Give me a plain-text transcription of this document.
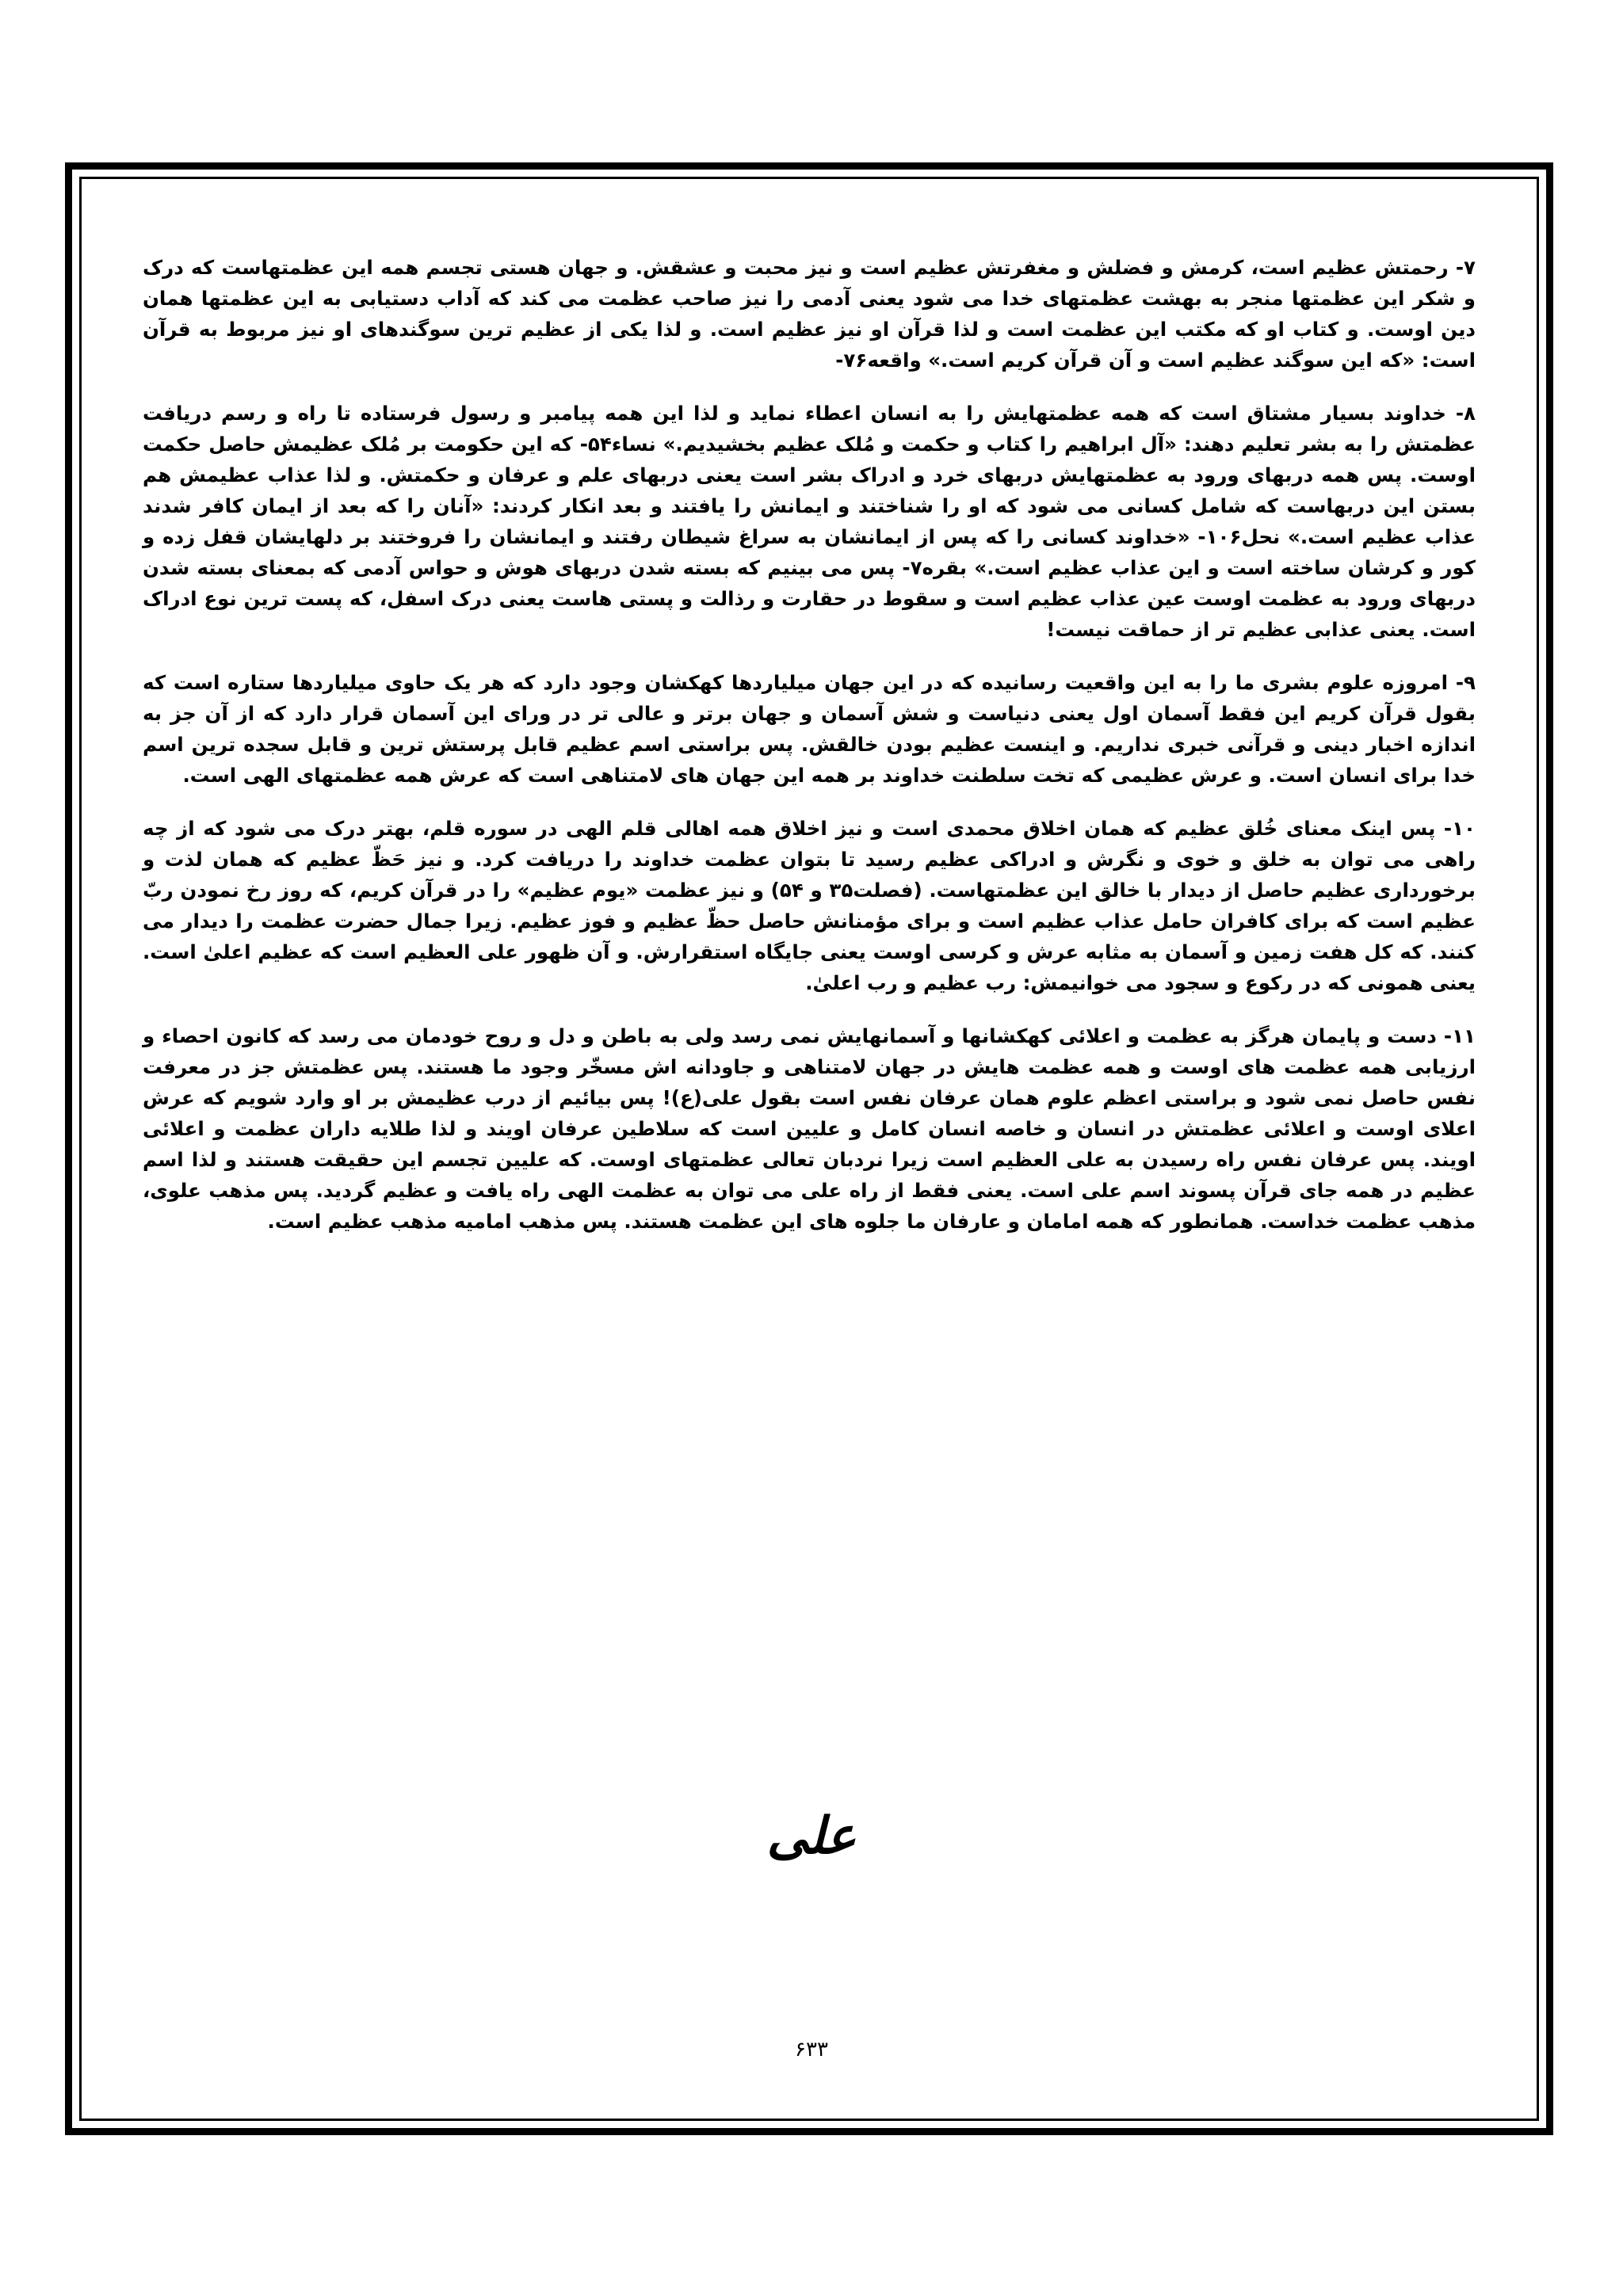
۷- رحمتش عظیم است، کرمش و فضلش و مغفرتش عظیم است و نیز محبت و عشقش. و جهان هستی تجسم همه این عظمتهاست که درک و شکر این عظمتها منجر به بهشت عظمتهای خدا می شود یعنی آدمی را نیز صاحب عظمت می کند که آداب دستیابی به این عظمتها همان دین اوست. و کتاب او که مکتب این عظمت است و لذا قرآن او نیز عظیم است. و لذا یکی از عظیم ترین سوگندهای او نیز مربوط به قرآن است: «که این سوگند عظیم است و آن قرآن کریم است.» واقعه۷۶-

۸- خداوند بسیار مشتاق است که همه عظمتهایش را به انسان اعطاء نماید و لذا این همه پیامبر و رسول فرستاده تا راه و رسم دریافت عظمتش را به بشر تعلیم دهند: «آل ابراهیم را کتاب و حکمت و مُلک عظیم بخشیدیم.» نساء۵۴- که این حکومت بر مُلک عظیمش حاصل حکمت اوست. پس همه دربهای ورود به عظمتهایش دربهای خرد و ادراک بشر است یعنی دربهای علم و عرفان و حکمتش. و لذا عذاب عظیمش هم بستن این دربهاست که شامل کسانی می شود که او را شناختند و ایمانش را یافتند و بعد انکار کردند: «آنان را که بعد از ایمان کافر شدند عذاب عظیم است.» نحل۱۰۶- «خداوند کسانی را که پس از ایمانشان به سراغ شیطان رفتند و ایمانشان را فروختند بر دلهایشان قفل زده و کور و کرشان ساخته است و این عذاب عظیم است.» بقره۷- پس می بینیم که بسته شدن دربهای هوش و حواس آدمی که بمعنای بسته شدن دربهای ورود به عظمت اوست عین عذاب عظیم است و سقوط در حقارت و رذالت و پستی هاست یعنی درک اسفل، که پست ترین نوع ادراک است. یعنی عذابی عظیم تر از حماقت نیست!

۹- امروزه علوم بشری ما را به این واقعیت رسانیده که در این جهان میلیاردها کهکشان وجود دارد که هر یک حاوی میلیاردها ستاره است که بقول قرآن کریم این فقط آسمان اول یعنی دنیاست و شش آسمان و جهان برتر و عالی تر در ورای این آسمان قرار دارد که از آن جز به اندازه اخبار دینی و قرآنی خبری نداریم. و اینست عظیم بودن خالقش. پس براستی اسم عظیم قابل پرستش ترین و قابل سجده ترین اسم خدا برای انسان است. و عرش عظیمی که تخت سلطنت خداوند بر همه این جهان های لامتناهی است که عرش همه عظمتهای الهی است.

۱۰- پس اینک معنای خُلق عظیم که همان اخلاق محمدی است و نیز اخلاق همه اهالی قلم الهی در سوره قلم، بهتر درک می شود که از چه راهی می توان به خلق و خوی و نگرش و ادراکی عظیم رسید تا بتوان عظمت خداوند را دریافت کرد. و نیز حَظّ عظیم که همان لذت و برخورداری عظیم حاصل از دیدار با خالق این عظمتهاست. (فصلت۳۵ و ۵۴) و نیز عظمت «یوم عظیم» را در قرآن کریم، که روز رخ نمودن ربّ عظیم است که برای کافران حامل عذاب عظیم است و برای مؤمنانش حاصل حظّ عظیم و فوز عظیم. زیرا جمال حضرت عظمت را دیدار می کنند. که کل هفت زمین و آسمان به مثابه عرش و کرسی اوست یعنی جایگاه استقرارش. و آن ظهور علی العظیم است که عظیم اعلیٰ است. یعنی همونی که در رکوع و سجود می خوانیمش: رب عظیم و رب اعلیٰ.

۱۱- دست و پایمان هرگز به عظمت و اعلائی کهکشانها و آسمانهایش نمی رسد ولی به باطن و دل و روح خودمان می رسد که کانون احصاء و ارزیابی همه عظمت های اوست و همه عظمت هایش در جهان لامتناهی و جاودانه اش مسخّر وجود ما هستند. پس عظمتش جز در معرفت نفس حاصل نمی شود و براستی اعظم علوم همان عرفان نفس است بقول علی(ع)! پس بیائیم از درب عظیمش بر او وارد شویم که عرش اعلای اوست و اعلائی عظمتش در انسان و خاصه انسان کامل و علیین است که سلاطین عرفان اویند و لذا طلایه داران عظمت و اعلائی اویند. پس عرفان نفس راه رسیدن به علی العظیم است زیرا نردبان تعالی عظمتهای اوست. که علیین تجسم این حقیقت هستند و لذا اسم عظیم در همه جای قرآن پسوند اسم علی است. یعنی فقط از راه علی می توان به عظمت الهی راه یافت و عظیم گردید. پس مذهب علوی، مذهب عظمت خداست. همانطور که همه امامان و عارفان ما جلوه های این عظمت هستند. پس مذهب امامیه مذهب عظیم است.

علی
۶۳۳
